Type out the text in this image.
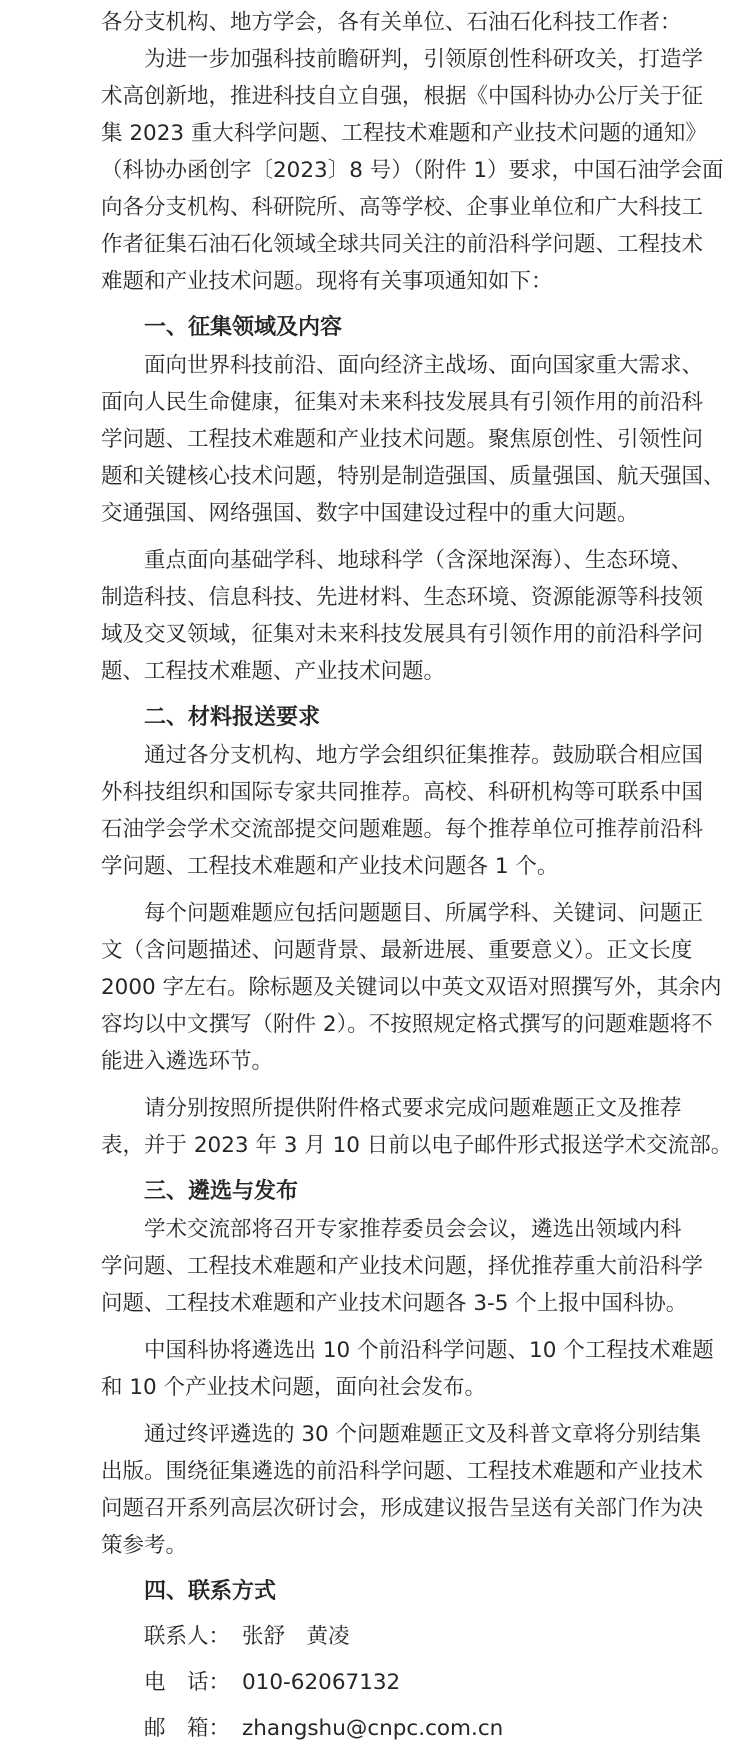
各分支机构、地方学会，各有关单位、石油石化科技工作者：
为进一步加强科技前瞻研判，引领原创性科研攻关，打造学
术高创新地，推进科技自立自强，根据《中国科协办公厅关于征
集 2023 重大科学问题、工程技术难题和产业技术问题的通知》
（科协办函创字〔2023〕8 号）（附件 1）要求，中国石油学会面
向各分支机构、科研院所、高等学校、企事业单位和广大科技工
作者征集石油石化领域全球共同关注的前沿科学问题、工程技术
难题和产业技术问题。现将有关事项通知如下：
一、征集领域及内容
面向世界科技前沿、面向经济主战场、面向国家重大需求、
面向人民生命健康，征集对未来科技发展具有引领作用的前沿科
学问题、工程技术难题和产业技术问题。聚焦原创性、引领性问
题和关键核心技术问题，特别是制造强国、质量强国、航天强国、
交通强国、网络强国、数字中国建设过程中的重大问题。
重点面向基础学科、地球科学（含深地深海）、生态环境、
制造科技、信息科技、先进材料、生态环境、资源能源等科技领
域及交叉领域，征集对未来科技发展具有引领作用的前沿科学问
题、工程技术难题、产业技术问题。
二、材料报送要求
通过各分支机构、地方学会组织征集推荐。鼓励联合相应国
外科技组织和国际专家共同推荐。高校、科研机构等可联系中国
石油学会学术交流部提交问题难题。每个推荐单位可推荐前沿科
学问题、工程技术难题和产业技术问题各 1 个。
每个问题难题应包括问题题目、所属学科、关键词、问题正
文（含问题描述、问题背景、最新进展、重要意义）。正文长度
2000 字左右。除标题及关键词以中英文双语对照撰写外，其余内
容均以中文撰写（附件 2）。不按照规定格式撰写的问题难题将不
能进入遴选环节。
请分别按照所提供附件格式要求完成问题难题正文及推荐
表，并于 2023 年 3 月 10 日前以电子邮件形式报送学术交流部。
三、遴选与发布
学术交流部将召开专家推荐委员会会议，遴选出领域内科
学问题、工程技术难题和产业技术问题，择优推荐重大前沿科学
问题、工程技术难题和产业技术问题各 3-5 个上报中国科协。
中国科协将遴选出 10 个前沿科学问题、10 个工程技术难题
和 10 个产业技术问题，面向社会发布。
通过终评遴选的 30 个问题难题正文及科普文章将分别结集
出版。围绕征集遴选的前沿科学问题、工程技术难题和产业技术
问题召开系列高层次研讨会，形成建议报告呈送有关部门作为决
策参考。
四、联系方式
联系人： 张舒　黄凌
电　话： 010-62067132
邮　箱： zhangshu@cnpc.com.cn
